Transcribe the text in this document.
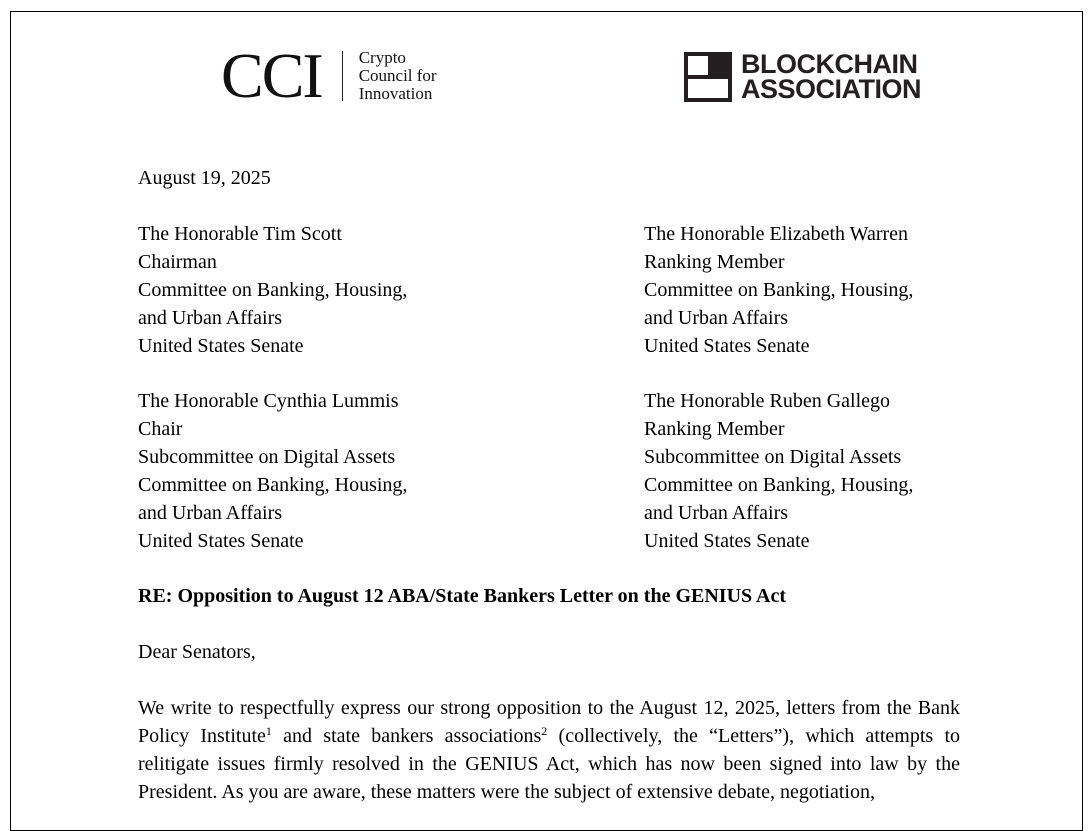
CCI Crypto
Council for
Innovation
BLOCKCHAIN
ASSOCIATION
August 19, 2025
The Honorable Tim Scott
Chairman
Committee on Banking, Housing,
and Urban Affairs
United States Senate
The Honorable Elizabeth Warren
Ranking Member
Committee on Banking, Housing,
and Urban Affairs
United States Senate
The Honorable Cynthia Lummis
Chair
Subcommittee on Digital Assets
Committee on Banking, Housing,
and Urban Affairs
United States Senate
The Honorable Ruben Gallego
Ranking Member
Subcommittee on Digital Assets
Committee on Banking, Housing,
and Urban Affairs
United States Senate
RE: Opposition to August 12 ABA/State Bankers Letter on the GENIUS Act
Dear Senators,
We write to respectfully express our strong opposition to the August 12, 2025, letters from the Bank Policy Institute$^1$ and state bankers associations$^2$ (collectively, the “Letters”), which attempts to relitigate issues firmly resolved in the GENIUS Act, which has now been signed into law by the President. As you are aware, these matters were the subject of extensive debate, negotiation,
